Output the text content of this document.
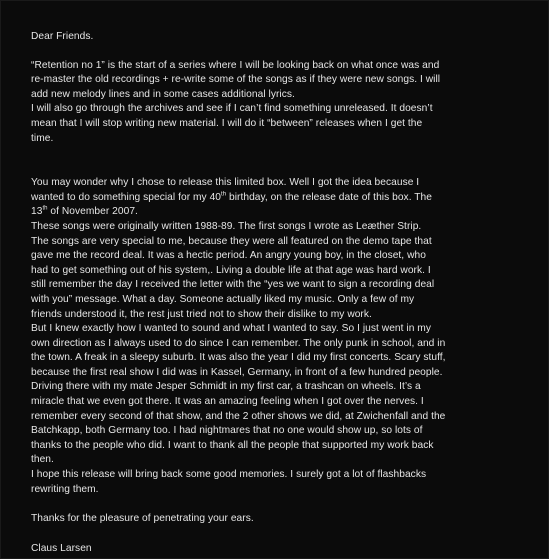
Dear Friends.

“Retention no 1” is the start of a series where I will be looking back on what once was and

re-master the old recordings + re-write some of the songs as if they were new songs. I will

add new melody lines and in some cases additional lyrics.

I will also go through the archives and see if I can’t find something unreleased. It doesn’t

mean that I will stop writing new material. I will do it “between” releases when I get the

time.

You may wonder why I chose to release this limited box. Well I got the idea because I

wanted to do something special for my 40th birthday, on the release date of this box. The

13th of November 2007.

These songs were originally written 1988-89. The first songs I wrote as Leæther Strip.

The songs are very special to me, because they were all featured on the demo tape that

gave me the record deal. It was a hectic period. An angry young boy, in the closet, who

had to get something out of his system,. Living a double life at that age was hard work. I

still remember the day I received the letter with the “yes we want to sign a recording deal

with you” message. What a day. Someone actually liked my music. Only a few of my

friends understood it, the rest just tried not to show their dislike to my work.

But I knew exactly how I wanted to sound and what I wanted to say. So I just went in my

own direction as I always used to do since I can remember. The only punk in school, and in

the town. A freak in a sleepy suburb. It was also the year I did my first concerts. Scary stuff,

because the first real show I did was in Kassel, Germany, in front of a few hundred people.

Driving there with my mate Jesper Schmidt in my first car, a trashcan on wheels. It’s a

miracle that we even got there. It was an amazing feeling when I got over the nerves. I

remember every second of that show, and the 2 other shows we did, at Zwichenfall and the

Batchkapp, both Germany too. I had nightmares that no one would show up, so lots of

thanks to the people who did. I want to thank all the people that supported my work back

then.

I hope this release will bring back some good memories. I surely got a lot of flashbacks

rewriting them.

Thanks for the pleasure of penetrating your ears.

Claus Larsen
